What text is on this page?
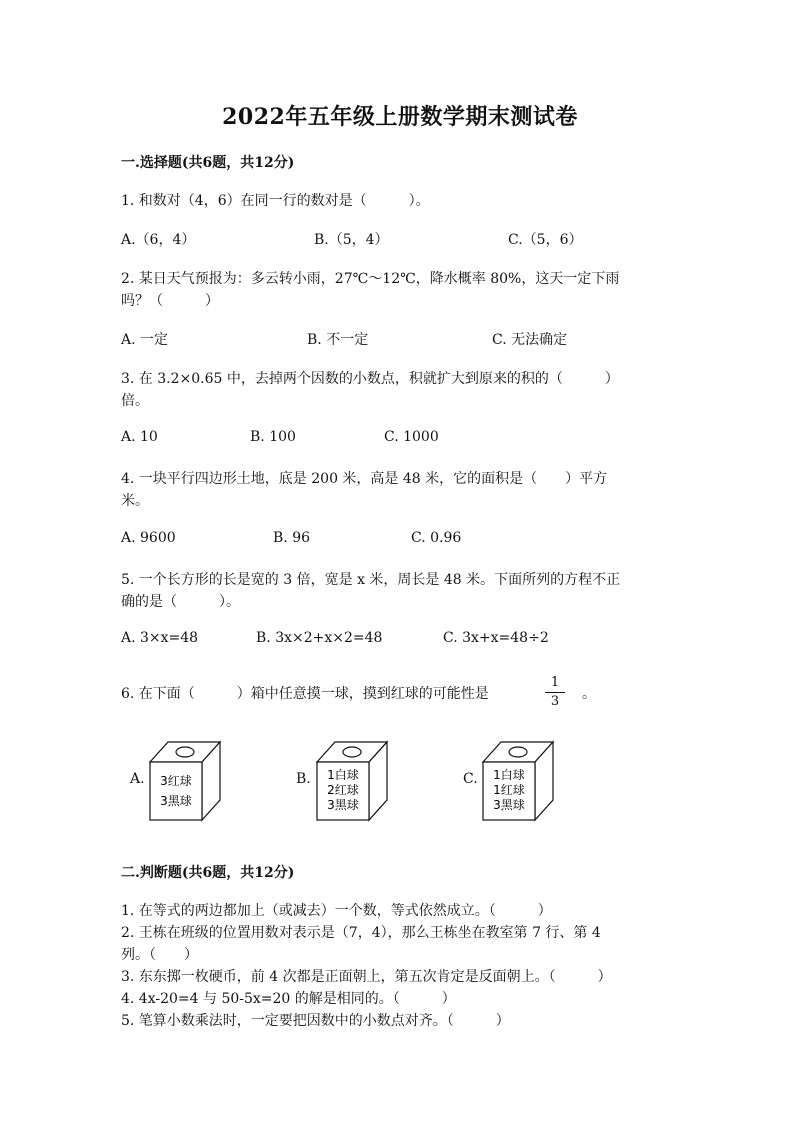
2022年五年级上册数学期末测试卷
一.选择题(共6题，共12分)
1. 和数对（4，6）在同一行的数对是（　　　）。
A.（6，4）	B.（5，4）	C.（5，6）
2. 某日天气预报为：多云转小雨，27℃～12℃，降水概率 80%，这天一定下雨
吗？（　　　）
A. 一定	B. 不一定	C. 无法确定
3. 在 3.2×0.65 中，去掉两个因数的小数点，积就扩大到原来的积的（　　　）
倍。
A. 10	B. 100	C. 1000
4. 一块平行四边形土地，底是 200 米，高是 48 米，它的面积是（　　）平方
米。
A. 9600	B. 96	C. 0.96
5. 一个长方形的长是宽的 3 倍，宽是 x 米，周长是 48 米。下面所列的方程不正
确的是（　　　）。
A. 3×x=48	B. 3x×2+x×2=48	C. 3x+x=48÷2
6. 在下面（　　　）箱中任意摸一球，摸到红球的可能性是
1
3	。
A. 3红球
3黑球
B. 1白球
2红球
3黑球
C. 1白球
1红球
3黑球
二.判断题(共6题，共12分)
1. 在等式的两边都加上（或减去）一个数，等式依然成立。（　　　）
2. 王栋在班级的位置用数对表示是（7，4），那么王栋坐在教室第 7 行、第 4
列。（　　）
3. 东东掷一枚硬币，前 4 次都是正面朝上，第五次肯定是反面朝上。（　　　）
4. 4x-20=4 与 50-5x=20 的解是相同的。（　　　）
5. 笔算小数乘法时，一定要把因数中的小数点对齐。（　　　）
